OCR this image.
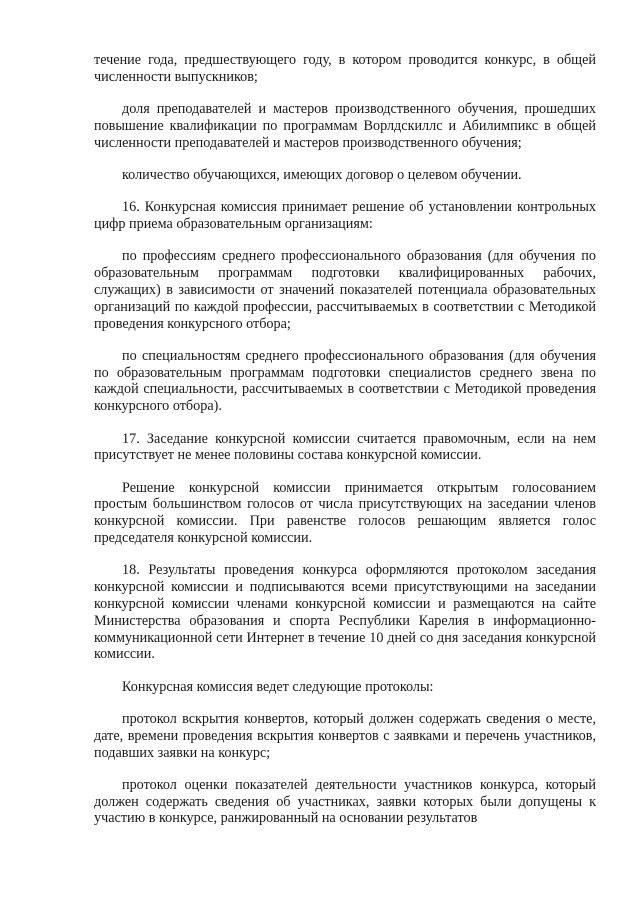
течение года, предшествующего году, в котором проводится конкурс, в общей численности выпускников;

доля преподавателей и мастеров производственного обучения, прошедших повышение квалификации по программам Ворлдскиллс и Абилимпикс в общей численности преподавателей и мастеров производственного обучения;

количество обучающихся, имеющих договор о целевом обучении.

16. Конкурсная комиссия принимает решение об установлении контрольных цифр приема образовательным организациям:

по профессиям среднего профессионального образования (для обучения по образовательным программам подготовки квалифицированных рабочих, служащих) в зависимости от значений показателей потенциала образовательных организаций по каждой профессии, рассчитываемых в соответствии с Методикой проведения конкурсного отбора;

по специальностям среднего профессионального образования (для обучения по образовательным программам подготовки специалистов среднего звена по каждой специальности, рассчитываемых в соответствии с Методикой проведения конкурсного отбора).

17. Заседание конкурсной комиссии считается правомочным, если на нем присутствует не менее половины состава конкурсной комиссии.

Решение конкурсной комиссии принимается открытым голосованием простым большинством голосов от числа присутствующих на заседании членов конкурсной комиссии. При равенстве голосов решающим является голос председателя конкурсной комиссии.

18. Результаты проведения конкурса оформляются протоколом заседания конкурсной комиссии и подписываются всеми присутствующими на заседании конкурсной комиссии членами конкурсной комиссии и размещаются на сайте Министерства образования и спорта Республики Карелия в информационно-коммуникационной сети Интернет в течение 10 дней со дня заседания конкурсной комиссии.

Конкурсная комиссия ведет следующие протоколы:

протокол вскрытия конвертов, который должен содержать сведения о месте, дате, времени проведения вскрытия конвертов с заявками и перечень участников, подавших заявки на конкурс;

протокол оценки показателей деятельности участников конкурса, который должен содержать сведения об участниках, заявки которых были допущены к участию в конкурсе, ранжированный на основании результатов
